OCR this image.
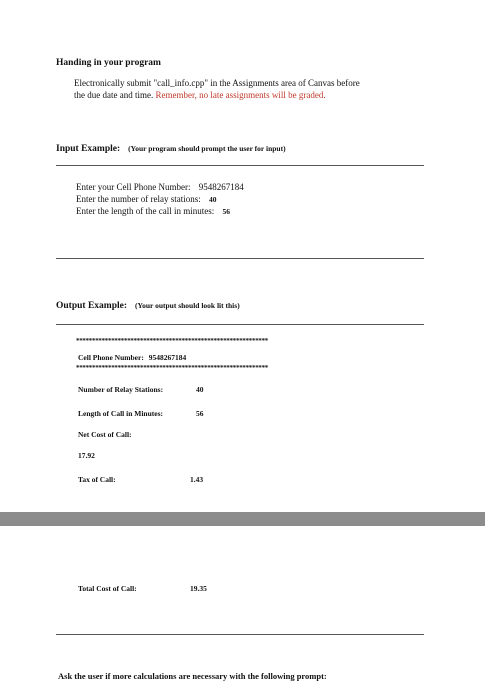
Handing in your program
Electronically submit "call_info.cpp" in the Assignments area of Canvas before
the due date and time. Remember, no late assignments will be graded.
Input Example: (Your program should prompt the user for input)
Enter your Cell Phone Number: 9548267184
Enter the number of relay stations: 40
Enter the length of the call in minutes: 56
Output Example: (Your output should look lit this)
************************************************************
Cell Phone Number: 9548267184
************************************************************
Number of Relay Stations:	40
Length of Call in Minutes:	56
Net Cost of Call:
17.92
Tax of Call:	1.43
Total Cost of Call:	19.35
Ask the user if more calculations are necessary with the following prompt:
